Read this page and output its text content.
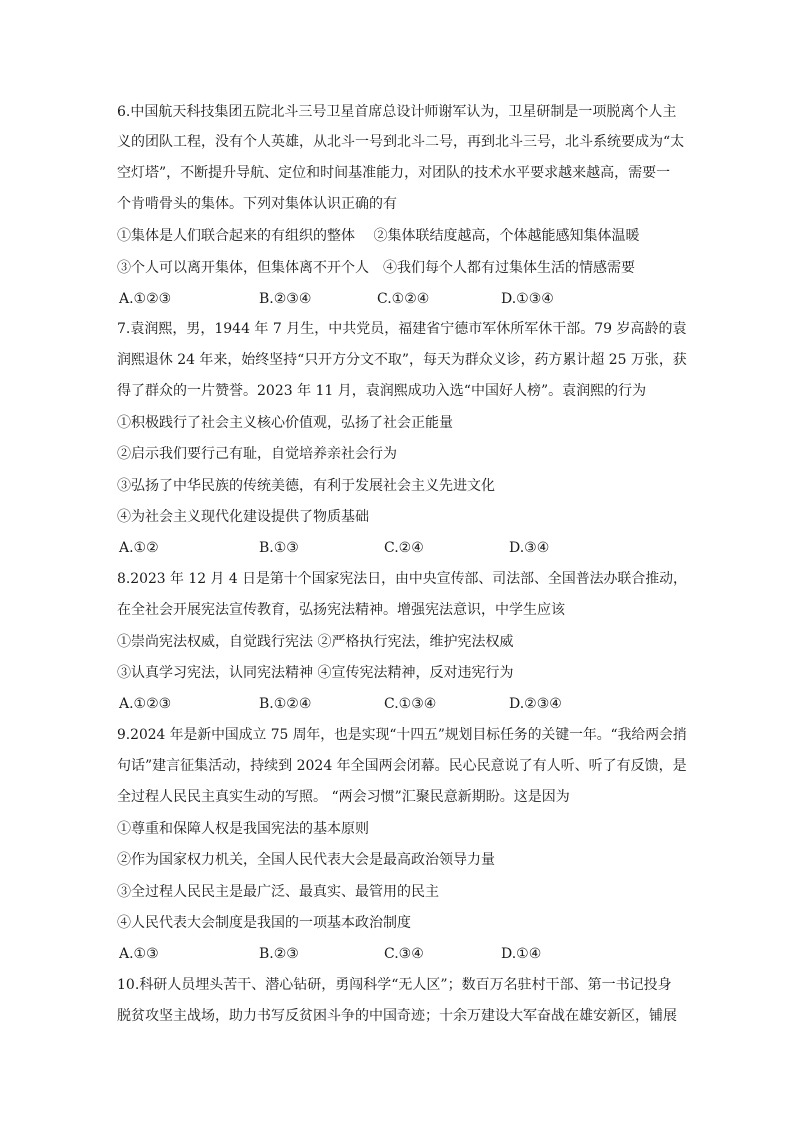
6.中国航天科技集团五院北斗三号卫星首席总设计师谢军认为，卫星研制是一项脱离个人主
义的团队工程，没有个人英雄，从北斗一号到北斗二号，再到北斗三号，北斗系统要成为“太
空灯塔”，不断提升导航、定位和时间基准能力，对团队的技术水平要求越来越高，需要一
个肯啃骨头的集体。下列对集体认识正确的有
①集体是人们联合起来的有组织的整体　 ②集体联结度越高，个体越能感知集体温暖
③个人可以离开集体，但集体离不开个人　④我们每个人都有过集体生活的情感需要
A.①②③	B.②③④	C.①②④	D.①③④
7.袁润熙，男，1944 年 7 月生，中共党员，福建省宁德市军休所军休干部。79 岁高龄的袁
润熙退休 24 年来，始终坚持“只开方分文不取”，每天为群众义诊，药方累计超 25 万张，获
得了群众的一片赞誉。2023 年 11 月，袁润熙成功入选“中国好人榜”。袁润熙的行为
①积极践行了社会主义核心价值观，弘扬了社会正能量
②启示我们要行己有耻，自觉培养亲社会行为
③弘扬了中华民族的传统美德，有利于发展社会主义先进文化
④为社会主义现代化建设提供了物质基础
A.①②	B.①③	C.②④	D.③④
8.2023 年 12 月 4 日是第十个国家宪法日，由中央宣传部、司法部、全国普法办联合推动，
在全社会开展宪法宣传教育，弘扬宪法精神。增强宪法意识，中学生应该
①崇尚宪法权威，自觉践行宪法 ②严格执行宪法，维护宪法权威
③认真学习宪法，认同宪法精神 ④宣传宪法精神，反对违宪行为
A.①②③	B.①②④	C.①③④	D.②③④
9.2024 年是新中国成立 75 周年，也是实现“十四五”规划目标任务的关键一年。“我给两会捎
句话”建言征集活动，持续到 2024 年全国两会闭幕。民心民意说了有人听、听了有反馈，是
全过程人民民主真实生动的写照。 “两会习惯”汇聚民意新期盼。这是因为
①尊重和保障人权是我国宪法的基本原则
②作为国家权力机关，全国人民代表大会是最高政治领导力量
③全过程人民民主是最广泛、最真实、最管用的民主
④人民代表大会制度是我国的一项基本政治制度
A.①③	B.②③	C.③④	D.①④
10.科研人员埋头苦干、潜心钻研，勇闯科学“无人区”；数百万名驻村干部、第一书记投身
脱贫攻坚主战场，助力书写反贫困斗争的中国奇迹；十余万建设大军奋战在雄安新区，铺展
